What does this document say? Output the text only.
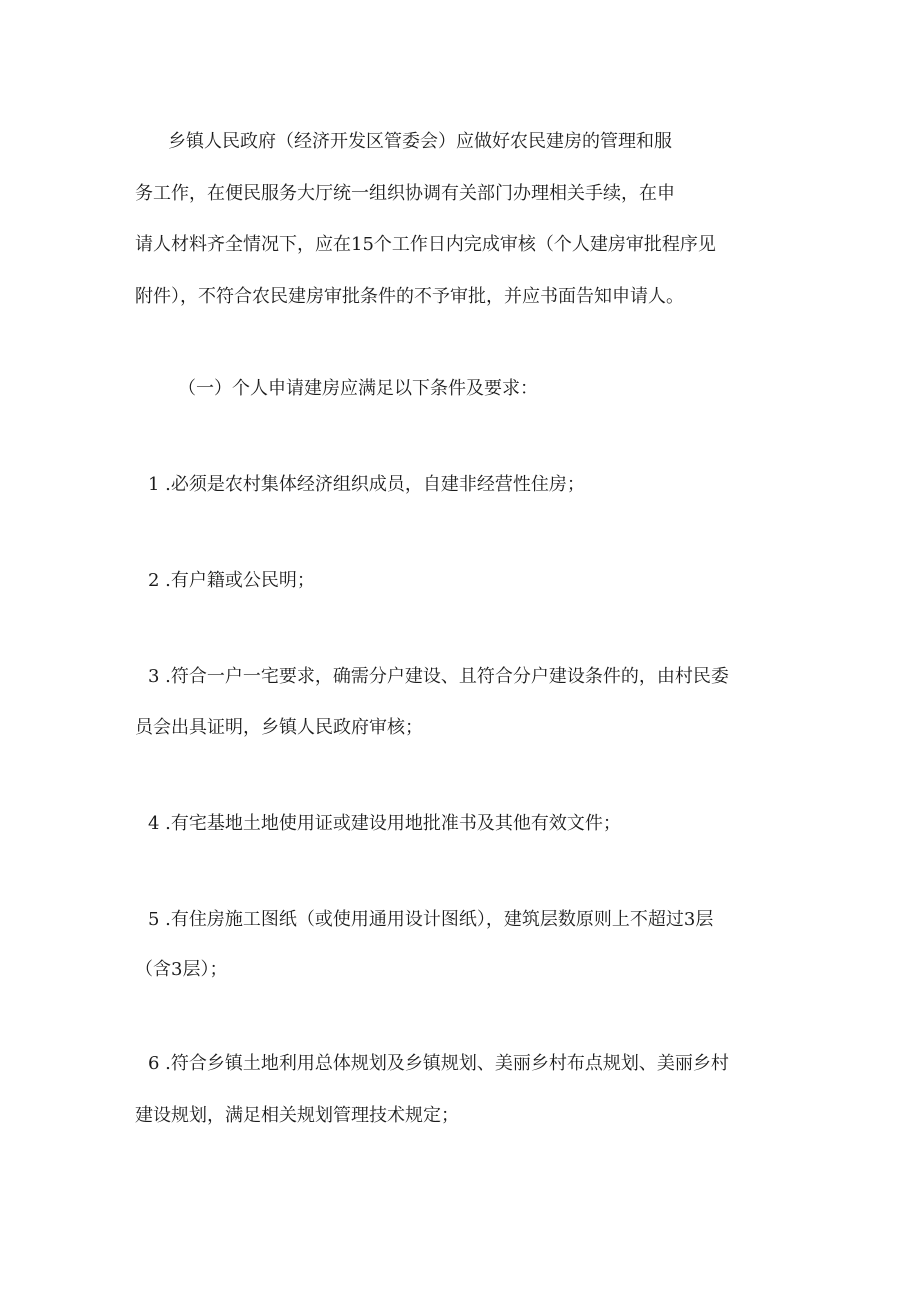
乡镇人民政府（经济开发区管委会）应做好农民建房的管理和服
务工作，在便民服务大厅统一组织协调有关部门办理相关手续，在申
请人材料齐全情况下，应在15个工作日内完成审核（个人建房审批程序见
附件），不符合农民建房审批条件的不予审批，并应书面告知申请人。
（一）个人申请建房应满足以下条件及要求：
1 .必须是农村集体经济组织成员，自建非经营性住房；
2 .有户籍或公民明；
3 .符合一户一宅要求，确需分户建设、且符合分户建设条件的，由村民委
员会出具证明，乡镇人民政府审核；
4 .有宅基地土地使用证或建设用地批准书及其他有效文件；
5 .有住房施工图纸（或使用通用设计图纸），建筑层数原则上不超过3层
（含3层）；
6 .符合乡镇土地利用总体规划及乡镇规划、美丽乡村布点规划、美丽乡村
建设规划，满足相关规划管理技术规定；
